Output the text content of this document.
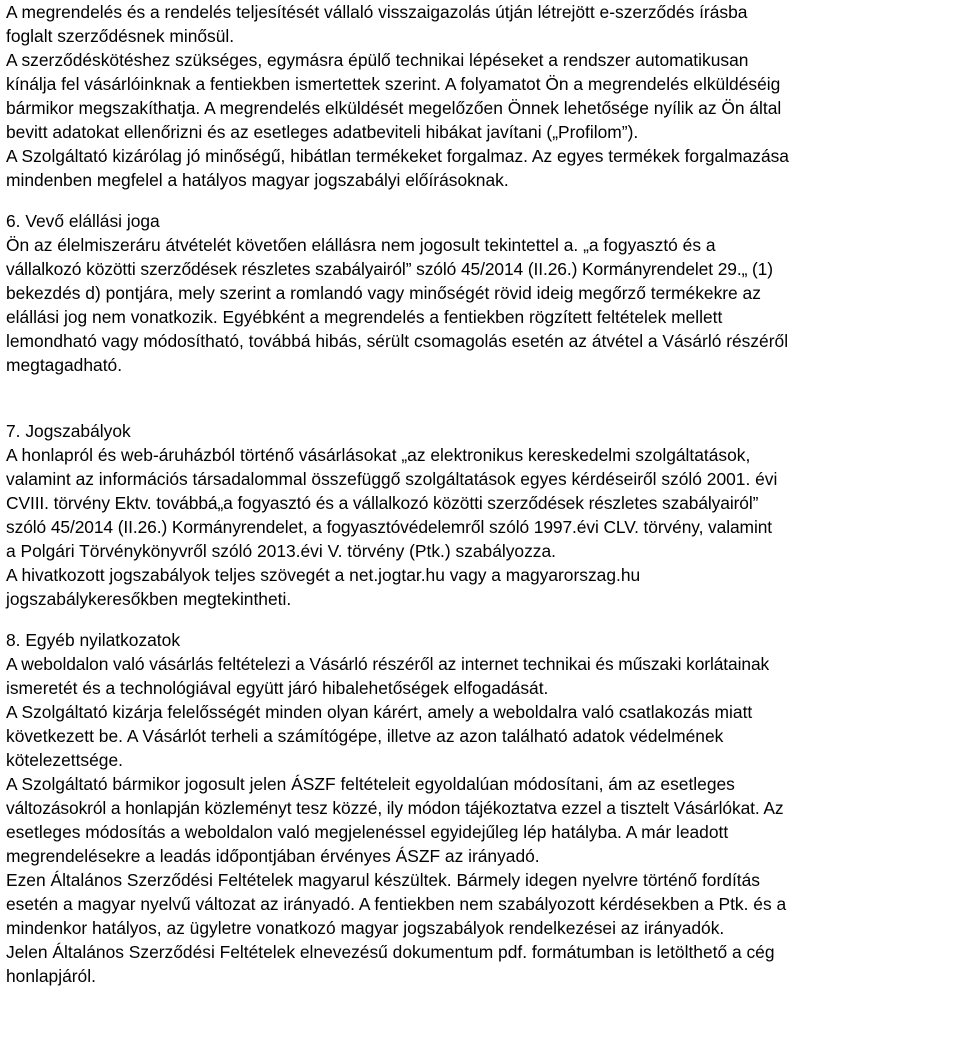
A megrendelés és a rendelés teljesítését vállaló visszaigazolás útján létrejött e-szerződés írásba
foglalt szerződésnek minősül.
A szerződéskötéshez szükséges, egymásra épülő technikai lépéseket a rendszer automatikusan
kínálja fel vásárlóinknak a fentiekben ismertettek szerint. A folyamatot Ön a megrendelés elküldéséig
bármikor megszakíthatja. A megrendelés elküldését megelőzően Önnek lehetősége nyílik az Ön által
bevitt adatokat ellenőrizni és az esetleges adatbeviteli hibákat javítani („Profilom”).
A Szolgáltató kizárólag jó minőségű, hibátlan termékeket forgalmaz. Az egyes termékek forgalmazása
mindenben megfelel a hatályos magyar jogszabályi előírásoknak.
6. Vevő elállási joga
Ön az élelmiszeráru átvételét követően elállásra nem jogosult tekintettel a. „a fogyasztó és a
vállalkozó közötti szerződések részletes szabályairól” szóló 45/2014 (II.26.) Kormányrendelet 29.„ (1)
bekezdés d) pontjára, mely szerint a romlandó vagy minőségét rövid ideig megőrző termékekre az
elállási jog nem vonatkozik. Egyébként a megrendelés a fentiekben rögzített feltételek mellett
lemondható vagy módosítható, továbbá hibás, sérült csomagolás esetén az átvétel a Vásárló részéről
megtagadható.
7. Jogszabályok
A honlapról és web-áruházból történő vásárlásokat „az elektronikus kereskedelmi szolgáltatások,
valamint az információs társadalommal összefüggő szolgáltatások egyes kérdéseiről szóló 2001. évi
CVIII. törvény Ektv. továbbá„a fogyasztó és a vállalkozó közötti szerződések részletes szabályairól”
szóló 45/2014 (II.26.) Kormányrendelet, a fogyasztóvédelemről szóló 1997.évi CLV. törvény, valamint
a Polgári Törvénykönyvről szóló 2013.évi V. törvény (Ptk.) szabályozza.
A hivatkozott jogszabályok teljes szövegét a net.jogtar.hu vagy a magyarorszag.hu
jogszabálykeresőkben megtekintheti.
8. Egyéb nyilatkozatok
A weboldalon való vásárlás feltételezi a Vásárló részéről az internet technikai és műszaki korlátainak
ismeretét és a technológiával együtt járó hibalehetőségek elfogadását.
A Szolgáltató kizárja felelősségét minden olyan kárért, amely a weboldalra való csatlakozás miatt
következett be. A Vásárlót terheli a számítógépe, illetve az azon található adatok védelmének
kötelezettsége.
A Szolgáltató bármikor jogosult jelen ÁSZF feltételeit egyoldalúan módosítani, ám az esetleges
változásokról a honlapján közleményt tesz közzé, ily módon tájékoztatva ezzel a tisztelt Vásárlókat. Az
esetleges módosítás a weboldalon való megjelenéssel egyidejűleg lép hatályba. A már leadott
megrendelésekre a leadás időpontjában érvényes ÁSZF az irányadó.
Ezen Általános Szerződési Feltételek magyarul készültek. Bármely idegen nyelvre történő fordítás
esetén a magyar nyelvű változat az irányadó. A fentiekben nem szabályozott kérdésekben a Ptk. és a
mindenkor hatályos, az ügyletre vonatkozó magyar jogszabályok rendelkezései az irányadók.
Jelen Általános Szerződési Feltételek elnevezésű dokumentum pdf. formátumban is letölthető a cég
honlapjáról.
